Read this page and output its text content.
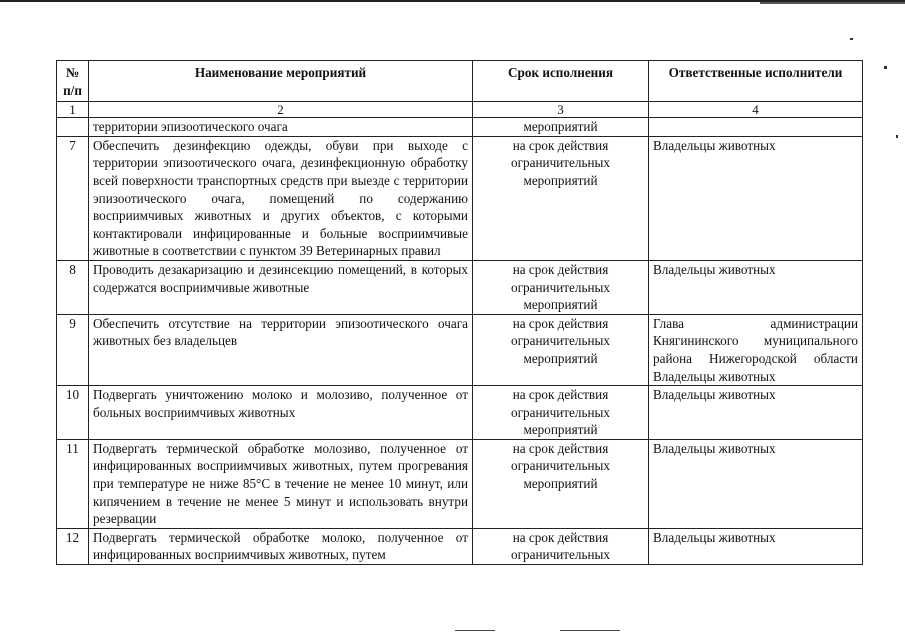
№ п/п	Наименование мероприятий	Срок исполнения	Ответственные исполнители
1	2	3	4
	территории эпизоотического очага	мероприятий	
7	Обеспечить дезинфекцию одежды, обуви при выходе с территории эпизоотического очага, дезинфекционную обработку всей поверхности транспортных средств при выезде с территории эпизоотического очага, помещений по содержанию восприимчивых животных и других объектов, с которыми контактировали инфицированные и больные восприимчивые животные в соответствии с пунктом 39 Ветеринарных правил	на срок действия ограничительных мероприятий	Владельцы животных
8	Проводить дезакаризацию и дезинсекцию помещений, в которых содержатся восприимчивые животные	на срок действия ограничительных мероприятий	Владельцы животных
9	Обеспечить отсутствие на территории эпизоотического очага животных без владельцев	на срок действия ограничительных мероприятий	Глава администрации Княгининского муниципального района Нижегородской области Владельцы животных
10	Подвергать уничтожению молоко и молозиво, полученное от больных восприимчивых животных	на срок действия ограничительных мероприятий	Владельцы животных
11	Подвергать термической обработке молозиво, полученное от инфицированных восприимчивых животных, путем прогревания при температуре не ниже 85°С в течение не менее 10 минут, или кипячением в течение не менее 5 минут и использовать внутри резервации	на срок действия ограничительных мероприятий	Владельцы животных
12	Подвергать термической обработке молоко, полученное от инфицированных восприимчивых животных, путем	на срок действия ограничительных	Владельцы животных
